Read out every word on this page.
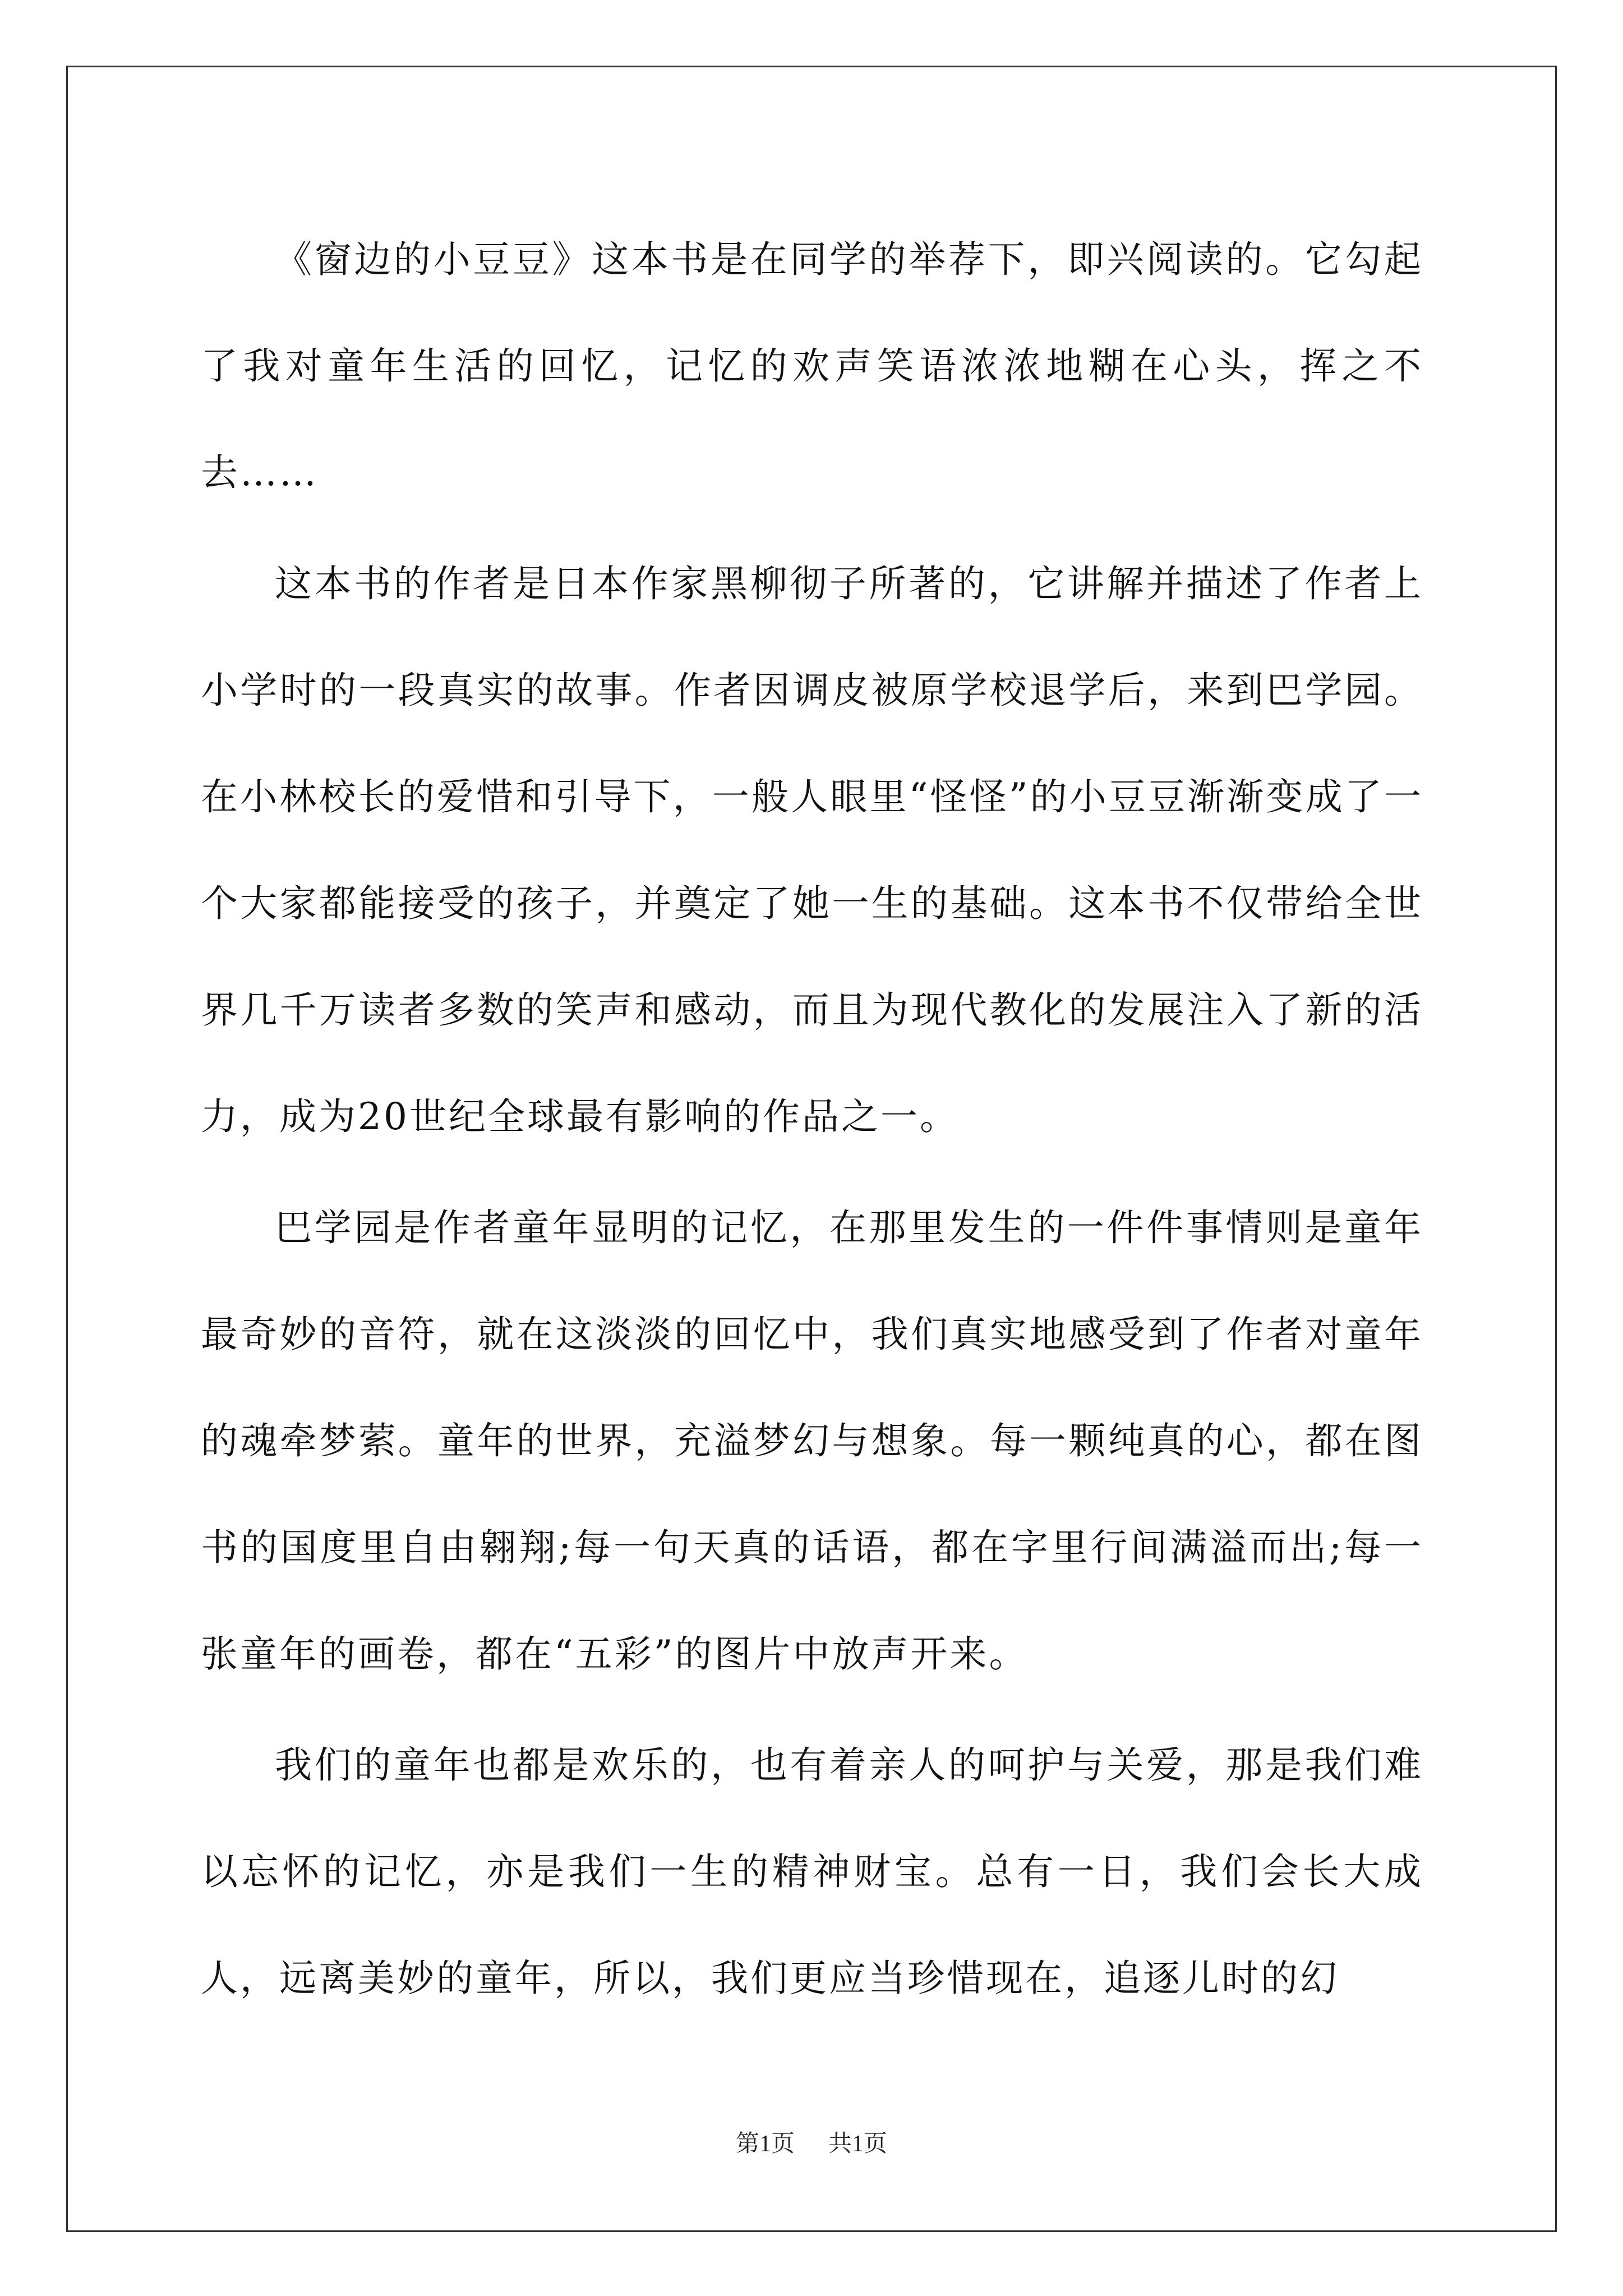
《窗边的小豆豆》这本书是在同学的举荐下，即兴阅读的。它勾起了我对童年生活的回忆，记忆的欢声笑语浓浓地糊在心头，挥之不去……

这本书的作者是日本作家黑柳彻子所著的，它讲解并描述了作者上小学时的一段真实的故事。作者因调皮被原学校退学后，来到巴学园。在小林校长的爱惜和引导下，一般人眼里“怪怪”的小豆豆渐渐变成了一个大家都能接受的孩子，并奠定了她一生的基础。这本书不仅带给全世界几千万读者多数的笑声和感动，而且为现代教化的发展注入了新的活力，成为20世纪全球最有影响的作品之一。

巴学园是作者童年显明的记忆，在那里发生的一件件事情则是童年最奇妙的音符，就在这淡淡的回忆中，我们真实地感受到了作者对童年的魂牵梦萦。童年的世界，充溢梦幻与想象。每一颗纯真的心，都在图书的国度里自由翱翔;每一句天真的话语，都在字里行间满溢而出;每一张童年的画卷，都在“五彩”的图片中放声开来。

我们的童年也都是欢乐的，也有着亲人的呵护与关爱，那是我们难以忘怀的记忆，亦是我们一生的精神财宝。总有一日，我们会长大成人，远离美妙的童年，所以，我们更应当珍惜现在，追逐儿时的幻

第1页 共1页
